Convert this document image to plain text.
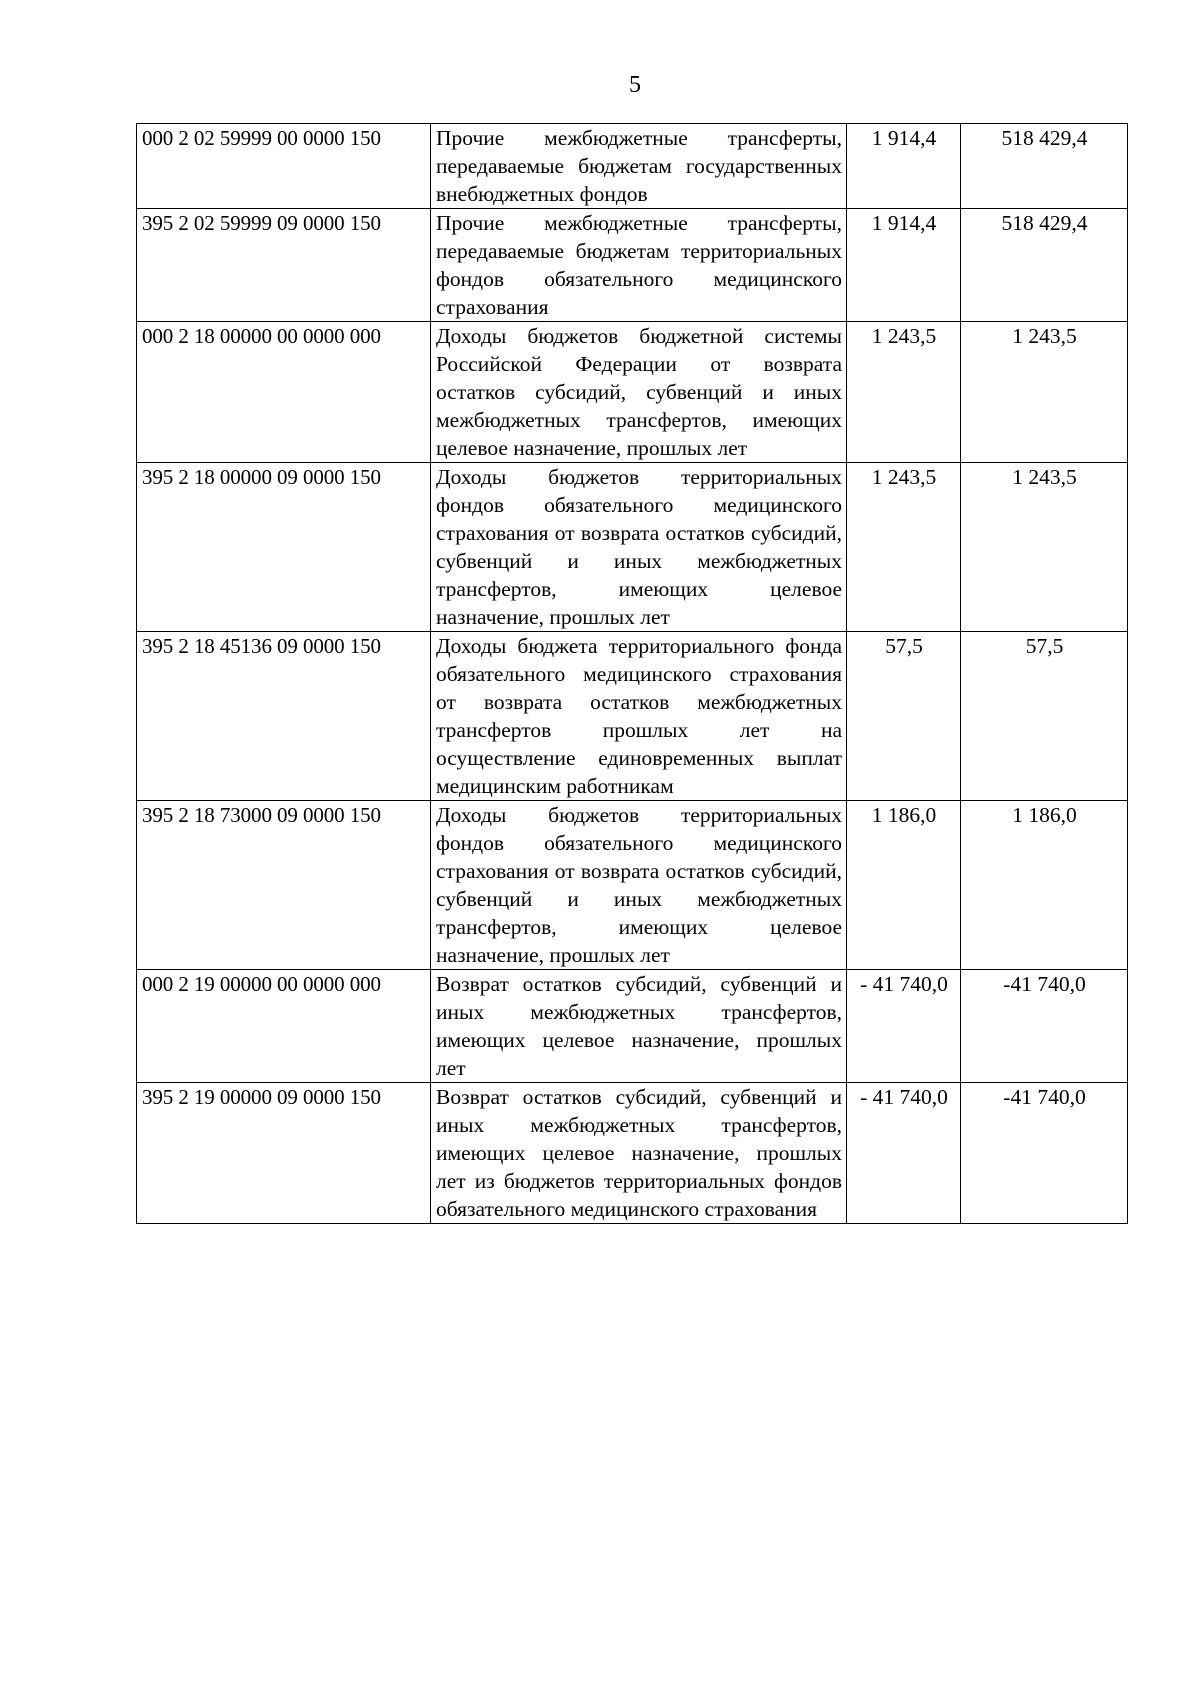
5
000 2 02 59999 00 0000 150	Прочие межбюджетные трансферты, передаваемые бюджетам государственных внебюджетных фондов	1 914,4	518 429,4
395 2 02 59999 09 0000 150	Прочие межбюджетные трансферты, передаваемые бюджетам территориальных фондов обязательного медицинского страхования	1 914,4	518 429,4
000 2 18 00000 00 0000 000	Доходы бюджетов бюджетной системы Российской Федерации от возврата остатков субсидий, субвенций и иных межбюджетных трансфертов, имеющих целевое назначение, прошлых лет	1 243,5	1 243,5
395 2 18 00000 09 0000 150	Доходы бюджетов территориальных фондов обязательного медицинского страхования от возврата остатков субсидий, субвенций и иных межбюджетных трансфертов, имеющих целевое назначение, прошлых лет	1 243,5	1 243,5
395 2 18 45136 09 0000 150	Доходы бюджета территориального фонда обязательного медицинского страхования от возврата остатков межбюджетных трансфертов прошлых лет на осуществление единовременных выплат медицинским работникам	57,5	57,5
395 2 18 73000 09 0000 150	Доходы бюджетов территориальных фондов обязательного медицинского страхования от возврата остатков субсидий, субвенций и иных межбюджетных трансфертов, имеющих целевое назначение, прошлых лет	1 186,0	1 186,0
000 2 19 00000 00 0000 000	Возврат остатков субсидий, субвенций и иных межбюджетных трансфертов, имеющих целевое назначение, прошлых лет	- 41 740,0	-41 740,0
395 2 19 00000 09 0000 150	Возврат остатков субсидий, субвенций и иных межбюджетных трансфертов, имеющих целевое назначение, прошлых лет из бюджетов территориальных фондов обязательного медицинского страхования	- 41 740,0	-41 740,0
